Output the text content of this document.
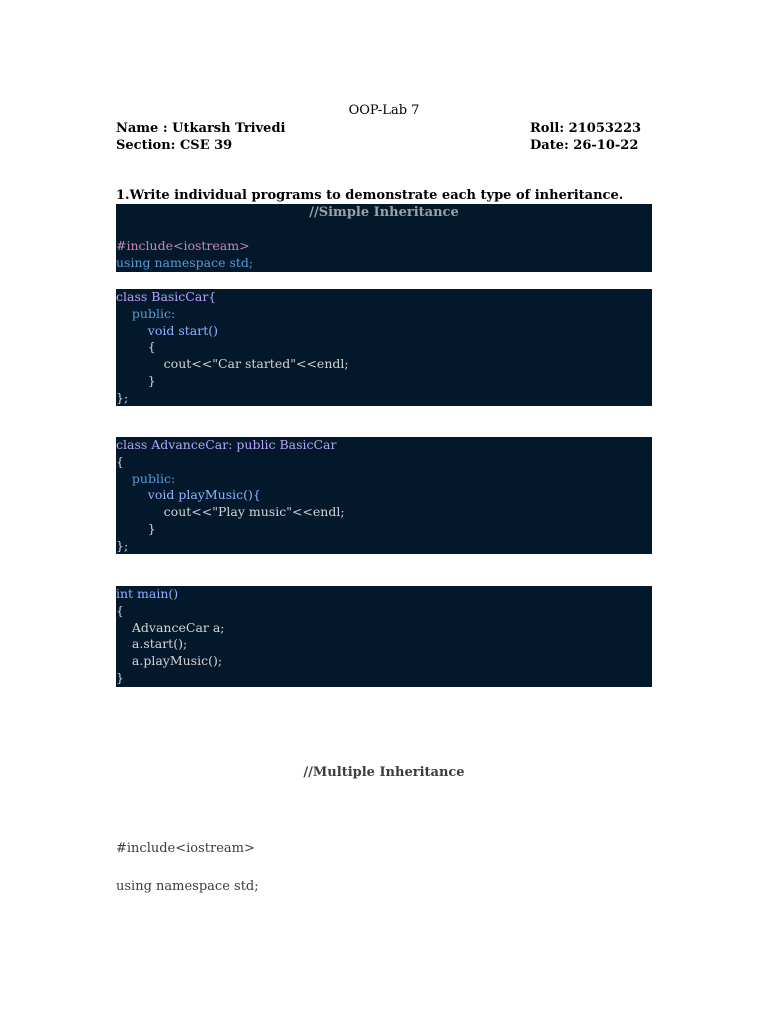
OOP-Lab 7
Name : Utkarsh Trivedi	Roll: 21053223
Section: CSE 39	Date: 26-10-22
1.Write individual programs to demonstrate each type of inheritance.
//Simple Inheritance
#include<iostream>
using namespace std;
class BasicCar{
public:
void start()
{
cout<<"Car started"<<endl;
}
};
class AdvanceCar: public BasicCar
{
public:
void playMusic(){
cout<<"Play music"<<endl;
}
};
int main()
{
AdvanceCar a;
a.start();
a.playMusic();
}
//Multiple Inheritance
#include<iostream>
using namespace std;
